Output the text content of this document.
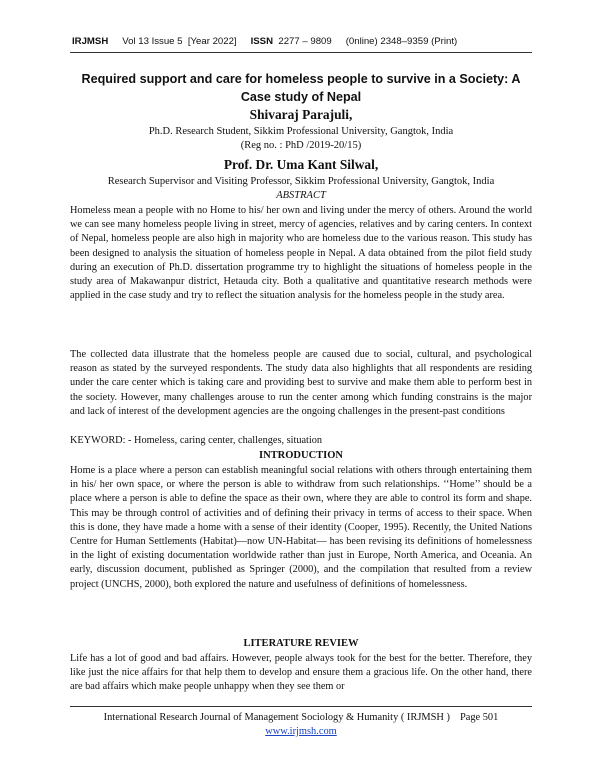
IRJMSH Vol 13 Issue 5 [Year 2022] ISSN 2277 – 9809 (0nline) 2348–9359 (Print)
Required support and care for homeless people to survive in a Society: A Case study of Nepal
Shivaraj Parajuli,
Ph.D. Research Student, Sikkim Professional University, Gangtok, India
(Reg no. : PhD /2019-20/15)
Prof. Dr. Uma Kant Silwal,
Research Supervisor and Visiting Professor, Sikkim Professional University, Gangtok, India
ABSTRACT

Homeless mean a people with no Home to his/ her own and living under the mercy of others. Around the world we can see many homeless people living in street, mercy of agencies, relatives and by caring centers. In context of Nepal, homeless people are also high in majority who are homeless due to the various reason. This study has been designed to analysis the situation of homeless people in Nepal. A data obtained from the pilot field study during an execution of Ph.D. dissertation programme try to highlight the situations of homeless people in the study area of Makawanpur district, Hetauda city. Both a qualitative and quantitative research methods were applied in the case study and try to reflect the situation analysis for the homeless people in the study area.

The collected data illustrate that the homeless people are caused due to social, cultural, and psychological reason as stated by the surveyed respondents. The study data also highlights that all respondents are residing under the care center which is taking care and providing best to survive and make them able to perform best in the society. However, many challenges arouse to run the center among which funding constrains is the major and lack of interest of the development agencies are the ongoing challenges in the present-past conditions

KEYWORD: - Homeless, caring center, challenges, situation

INTRODUCTION

Home is a place where a person can establish meaningful social relations with others through entertaining them in his/ her own space, or where the person is able to withdraw from such relationships. ‘‘Home’’ should be a place where a person is able to define the space as their own, where they are able to control its form and shape. This may be through control of activities and of defining their privacy in terms of access to their space. When this is done, they have made a home with a sense of their identity (Cooper, 1995). Recently, the United Nations Centre for Human Settlements (Habitat)—now UN-Habitat— has been revising its definitions of homelessness in the light of existing documentation worldwide rather than just in Europe, North America, and Oceania. An early, discussion document, published as Springer (2000), and the compilation that resulted from a review project (UNCHS, 2000), both explored the nature and usefulness of definitions of homelessness.

LITERATURE REVIEW

Life has a lot of good and bad affairs. However, people always took for the best for the better. Therefore, they like just the nice affairs for that help them to develop and ensure them a gracious life. On the other hand, there are bad affairs which make people unhappy when they see them or

International Research Journal of Management Sociology & Humanity ( IRJMSH ) Page 501
www.irjmsh.com
